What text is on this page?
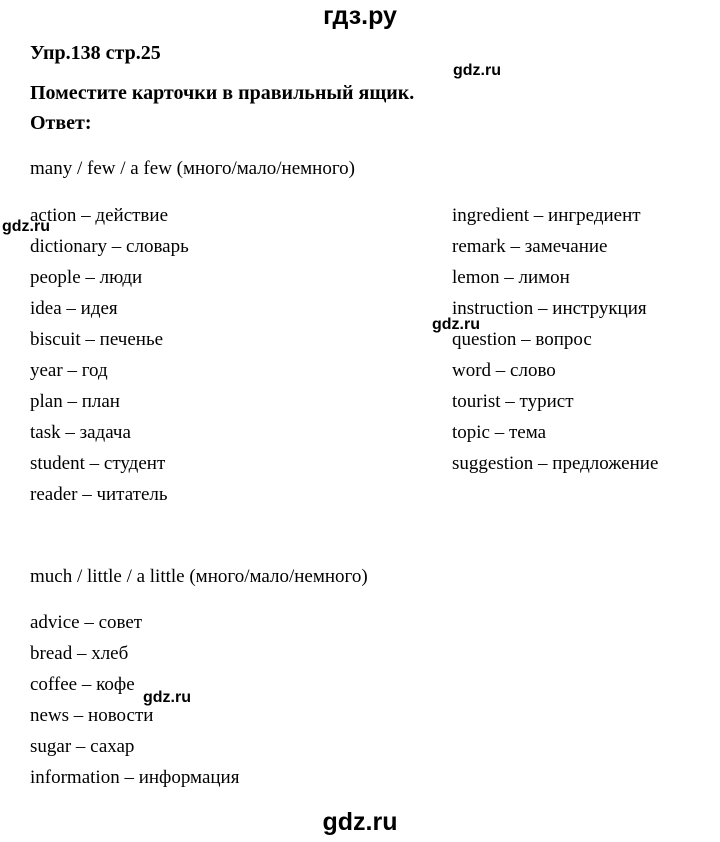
гдз.ру
Упр.138 стр.25
gdz.ru
Поместите карточки в правильный ящик.
Ответ:
many / few / a few (много/мало/немного)
action – действие
dictionary – словарь
people – люди
idea – идея
biscuit – печенье
year – год
plan – план
task – задача
student – студент
reader – читатель
ingredient – ингредиент
remark – замечание
lemon – лимон
instruction – инструкция
question – вопрос
word – слово
tourist – турист
topic – тема
suggestion – предложение
gdz.ru
gdz.ru
much / little / a little (много/мало/немного)
advice – совет
bread – хлеб
coffee – кофе
news – новости
sugar – сахар
information – информация
gdz.ru
gdz.ru
